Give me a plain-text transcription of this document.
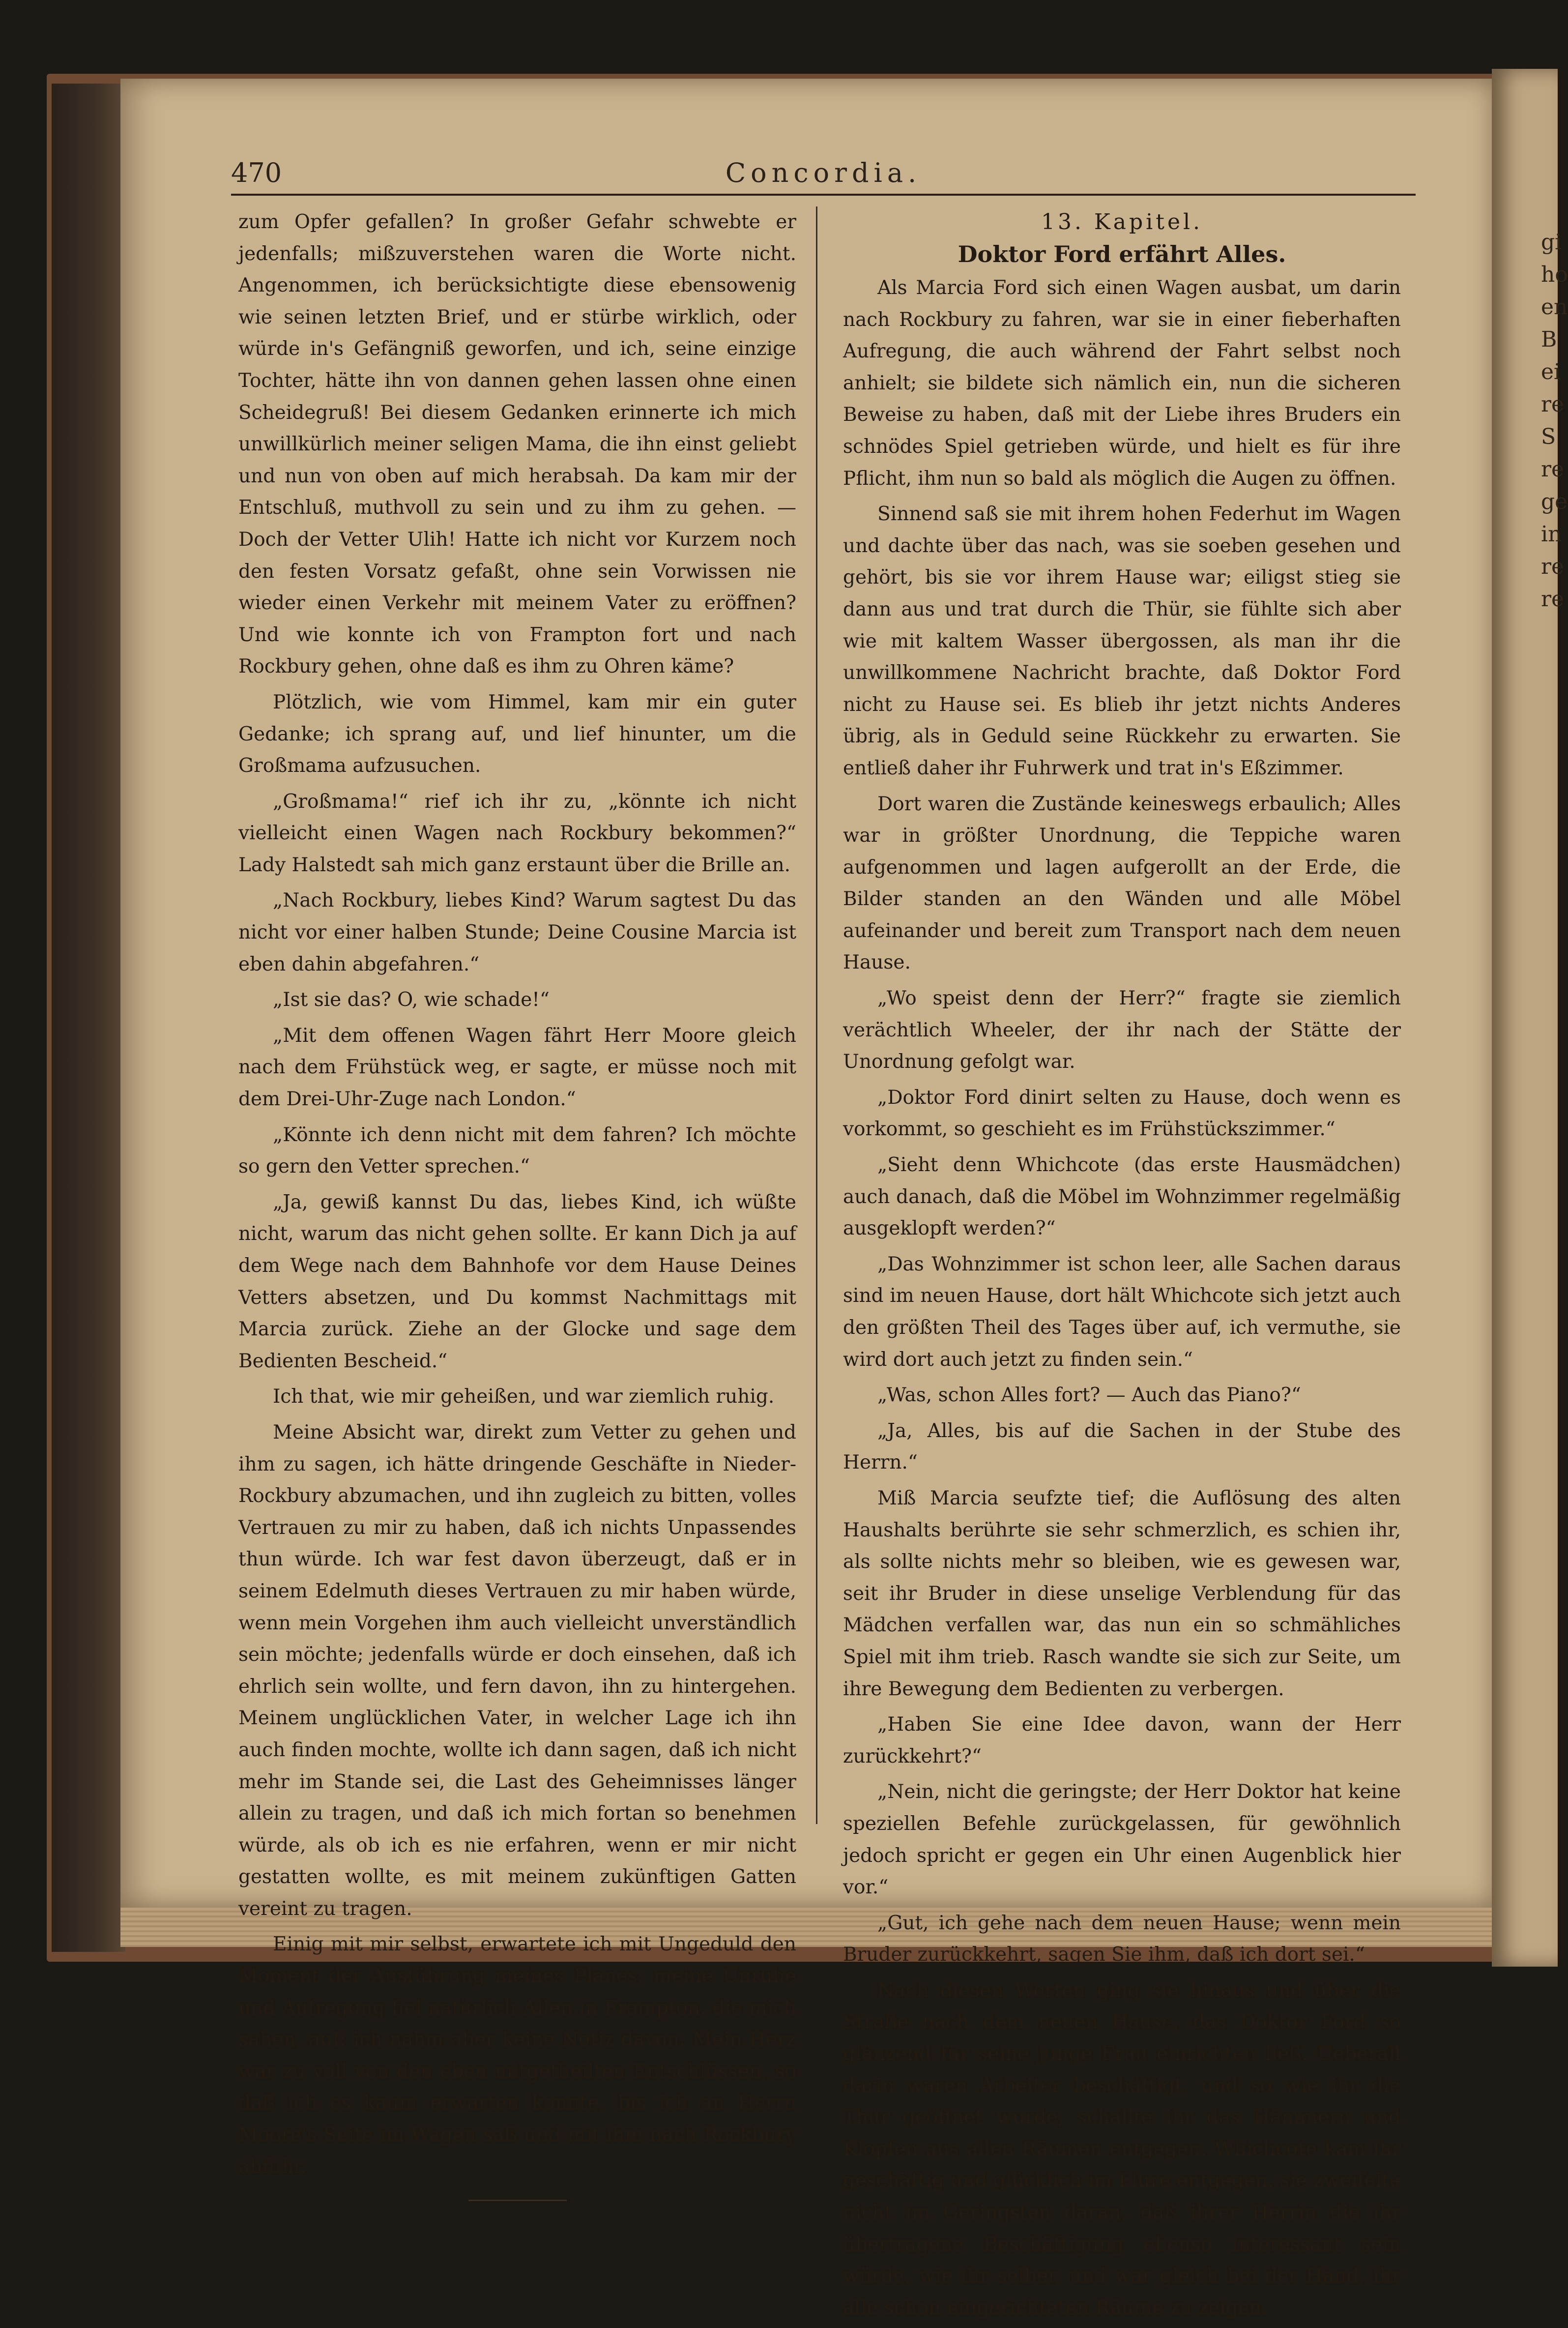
gi
ho
en
B
ei
re
S
re
ge
in
re
re
470	Concordia.

zum Opfer gefallen? In großer Gefahr schwebte er jedenfalls; mißzuverstehen waren die Worte nicht. Angenommen, ich berücksichtigte diese ebensowenig wie seinen letzten Brief, und er stürbe wirklich, oder würde in's Gefängniß geworfen, und ich, seine einzige Tochter, hätte ihn von dannen gehen lassen ohne einen Scheidegruß! Bei diesem Gedanken erinnerte ich mich unwillkürlich meiner seligen Mama, die ihn einst geliebt und nun von oben auf mich herabsah. Da kam mir der Entschluß, muthvoll zu sein und zu ihm zu gehen. — Doch der Vetter Ulih! Hatte ich nicht vor Kurzem noch den festen Vorsatz gefaßt, ohne sein Vorwissen nie wieder einen Verkehr mit meinem Vater zu eröffnen? Und wie konnte ich von Frampton fort und nach Rockbury gehen, ohne daß es ihm zu Ohren käme?

Plötzlich, wie vom Himmel, kam mir ein guter Gedanke; ich sprang auf, und lief hinunter, um die Großmama aufzusuchen.

„Großmama!“ rief ich ihr zu, „könnte ich nicht vielleicht einen Wagen nach Rockbury bekommen?“ Lady Halstedt sah mich ganz erstaunt über die Brille an.

„Nach Rockbury, liebes Kind? Warum sagtest Du das nicht vor einer halben Stunde; Deine Cousine Marcia ist eben dahin abgefahren.“

„Ist sie das? O, wie schade!“

„Mit dem offenen Wagen fährt Herr Moore gleich nach dem Frühstück weg, er sagte, er müsse noch mit dem Drei-Uhr-Zuge nach London.“

„Könnte ich denn nicht mit dem fahren? Ich möchte so gern den Vetter sprechen.“

„Ja, gewiß kannst Du das, liebes Kind, ich wüßte nicht, warum das nicht gehen sollte. Er kann Dich ja auf dem Wege nach dem Bahnhofe vor dem Hause Deines Vetters absetzen, und Du kommst Nachmittags mit Marcia zurück. Ziehe an der Glocke und sage dem Bedienten Bescheid.“

Ich that, wie mir geheißen, und war ziemlich ruhig.

Meine Absicht war, direkt zum Vetter zu gehen und ihm zu sagen, ich hätte dringende Geschäfte in Nieder-Rockbury abzumachen, und ihn zugleich zu bitten, volles Vertrauen zu mir zu haben, daß ich nichts Unpassendes thun würde. Ich war fest davon überzeugt, daß er in seinem Edelmuth dieses Vertrauen zu mir haben würde, wenn mein Vorgehen ihm auch vielleicht unverständlich sein möchte; jedenfalls würde er doch einsehen, daß ich ehrlich sein wollte, und fern davon, ihn zu hintergehen. Meinem unglücklichen Vater, in welcher Lage ich ihn auch finden mochte, wollte ich dann sagen, daß ich nicht mehr im Stande sei, die Last des Geheimnisses länger allein zu tragen, und daß ich mich fortan so benehmen würde, als ob ich es nie erfahren, wenn er mir nicht gestatten wollte, es mit meinem zukünftigen Gatten vereint zu tragen.

Einig mit mir selbst, erwartete ich mit Ungeduld den Moment der Ausführung meines Planes; meine Unruhe und Aufregung fiel natürlich Allen in Frampton, die mich sahen, auf; ich nahm aber keine Notiz davon. Mein Herz war zu voll von den eben mitgetheilten Entschlüssen, so daß ich es kaum erwarten konnte, bis ich an Herrn Moore's Seite im Wagen saß und mit ihm nach Rockbury abfuhr.

13. Kapitel.
Doktor Ford erfährt Alles.

Als Marcia Ford sich einen Wagen ausbat, um darin nach Rockbury zu fahren, war sie in einer fieberhaften Aufregung, die auch während der Fahrt selbst noch anhielt; sie bildete sich nämlich ein, nun die sicheren Beweise zu haben, daß mit der Liebe ihres Bruders ein schnödes Spiel getrieben würde, und hielt es für ihre Pflicht, ihm nun so bald als möglich die Augen zu öffnen.

Sinnend saß sie mit ihrem hohen Federhut im Wagen und dachte über das nach, was sie soeben gesehen und gehört, bis sie vor ihrem Hause war; eiligst stieg sie dann aus und trat durch die Thür, sie fühlte sich aber wie mit kaltem Wasser übergossen, als man ihr die unwillkommene Nachricht brachte, daß Doktor Ford nicht zu Hause sei. Es blieb ihr jetzt nichts Anderes übrig, als in Geduld seine Rückkehr zu erwarten. Sie entließ daher ihr Fuhrwerk und trat in's Eßzimmer.

Dort waren die Zustände keineswegs erbaulich; Alles war in größter Unordnung, die Teppiche waren aufgenommen und lagen aufgerollt an der Erde, die Bilder standen an den Wänden und alle Möbel aufeinander und bereit zum Transport nach dem neuen Hause.

„Wo speist denn der Herr?“ fragte sie ziemlich verächtlich Wheeler, der ihr nach der Stätte der Unordnung gefolgt war.

„Doktor Ford dinirt selten zu Hause, doch wenn es vorkommt, so geschieht es im Frühstückszimmer.“

„Sieht denn Whichcote (das erste Hausmädchen) auch danach, daß die Möbel im Wohnzimmer regelmäßig ausgeklopft werden?“

„Das Wohnzimmer ist schon leer, alle Sachen daraus sind im neuen Hause, dort hält Whichcote sich jetzt auch den größten Theil des Tages über auf, ich vermuthe, sie wird dort auch jetzt zu finden sein.“

„Was, schon Alles fort? — Auch das Piano?“

„Ja, Alles, bis auf die Sachen in der Stube des Herrn.“

Miß Marcia seufzte tief; die Auflösung des alten Haushalts berührte sie sehr schmerzlich, es schien ihr, als sollte nichts mehr so bleiben, wie es gewesen war, seit ihr Bruder in diese unselige Verblendung für das Mädchen verfallen war, das nun ein so schmähliches Spiel mit ihm trieb. Rasch wandte sie sich zur Seite, um ihre Bewegung dem Bedienten zu verbergen.

„Haben Sie eine Idee davon, wann der Herr zurückkehrt?“

„Nein, nicht die geringste; der Herr Doktor hat keine speziellen Befehle zurückgelassen, für gewöhnlich jedoch spricht er gegen ein Uhr einen Augenblick hier vor.“

„Gut, ich gehe nach dem neuen Hause; wenn mein Bruder zurückkehrt, sagen Sie ihm, daß ich dort sei.“

Nach diesen Worten ging sie hinaus und über die Straße nach dem neuen Hause, das Doktor Ford so glänzend für seine junge Frau einrichten ließ. Ueberall darin waren Arbeiter beschäftigt, und so wie ihr die Thür geöffnet wurde, schallte ihr das Hämmern und Klopfen aus allen Räumen entgegen. Whichcote kam ihr geschäftig und glücklich im Flure entgegen, sie zweifelte nicht im Geringsten daran, daß ihrer Herrin die ihr übertragene Beschäftigung ebenso interessant sein würde, wie ihr selber, und war gleich bei der Hand, ihr alle schon eingerichteten Räume zu zeigen.
